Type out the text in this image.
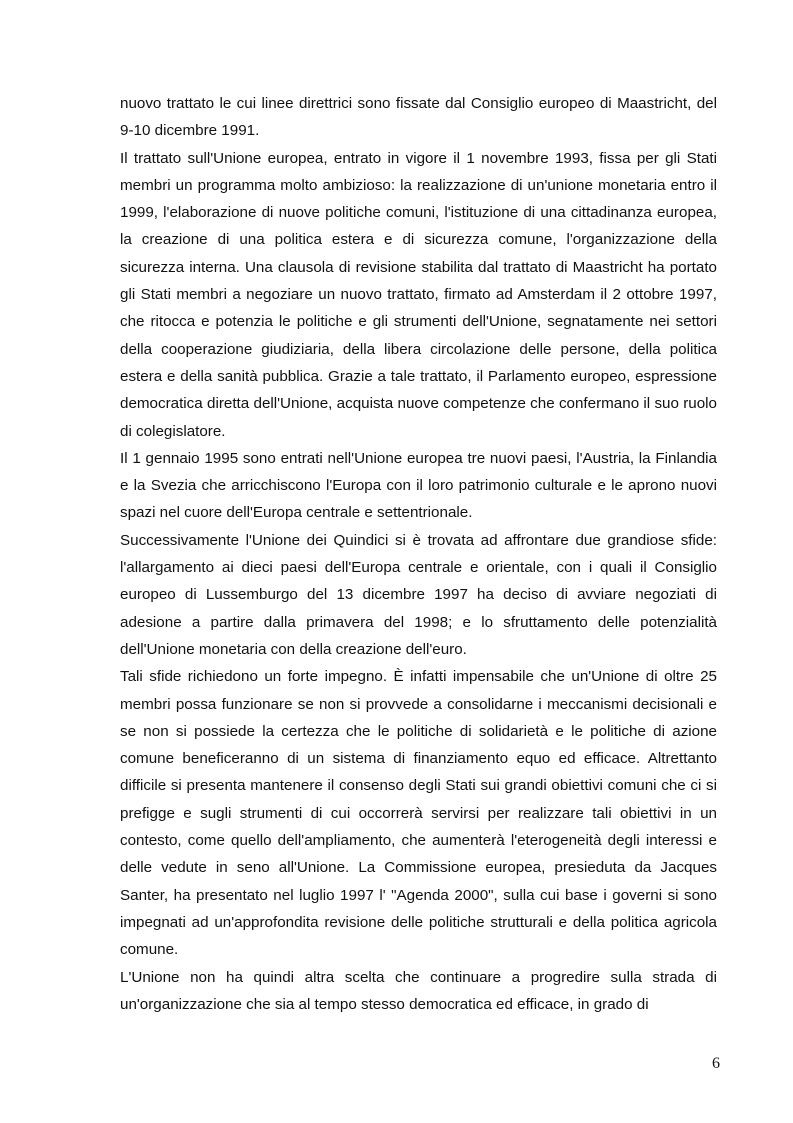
nuovo trattato le cui linee direttrici sono fissate dal Consiglio europeo di Maastricht, del 9-10 dicembre 1991.

Il trattato sull'Unione europea, entrato in vigore il 1 novembre 1993, fissa per gli Stati membri un programma molto ambizioso: la realizzazione di un'unione monetaria entro il 1999, l'elaborazione di nuove politiche comuni, l'istituzione di una cittadinanza europea, la creazione di una politica estera e di sicurezza comune, l'organizzazione della sicurezza interna. Una clausola di revisione stabilita dal trattato di Maastricht ha portato gli Stati membri a negoziare un nuovo trattato, firmato ad Amsterdam il 2 ottobre 1997, che ritocca e potenzia le politiche e gli strumenti dell'Unione, segnatamente nei settori della cooperazione giudiziaria, della libera circolazione delle persone, della politica estera e della sanità pubblica. Grazie a tale trattato, il Parlamento europeo, espressione democratica diretta dell'Unione, acquista nuove competenze che confermano il suo ruolo di colegislatore.

Il 1 gennaio 1995 sono entrati nell'Unione europea tre nuovi paesi, l'Austria, la Finlandia e la Svezia che arricchiscono l'Europa con il loro patrimonio culturale e le aprono nuovi spazi nel cuore dell'Europa centrale e settentrionale.

Successivamente l'Unione dei Quindici si è trovata ad affrontare due grandiose sfide: l'allargamento ai dieci paesi dell'Europa centrale e orientale, con i quali il Consiglio europeo di Lussemburgo del 13 dicembre 1997 ha deciso di avviare negoziati di adesione a partire dalla primavera del 1998; e lo sfruttamento delle potenzialità dell'Unione monetaria con della creazione dell'euro.

Tali sfide richiedono un forte impegno. È infatti impensabile che un'Unione di oltre 25 membri possa funzionare se non si provvede a consolidarne i meccanismi decisionali e se non si possiede la certezza che le politiche di solidarietà e le politiche di azione comune beneficeranno di un sistema di finanziamento equo ed efficace. Altrettanto difficile si presenta mantenere il consenso degli Stati sui grandi obiettivi comuni che ci si prefigge e sugli strumenti di cui occorrerà servirsi per realizzare tali obiettivi in un contesto, come quello dell'ampliamento, che aumenterà l'eterogeneità degli interessi e delle vedute in seno all'Unione. La Commissione europea, presieduta da Jacques Santer, ha presentato nel luglio 1997 l' "Agenda 2000", sulla cui base i governi si sono impegnati ad un'approfondita revisione delle politiche strutturali e della politica agricola comune.

L'Unione non ha quindi altra scelta che continuare a progredire sulla strada di un'organizzazione che sia al tempo stesso democratica ed efficace, in grado di

6
